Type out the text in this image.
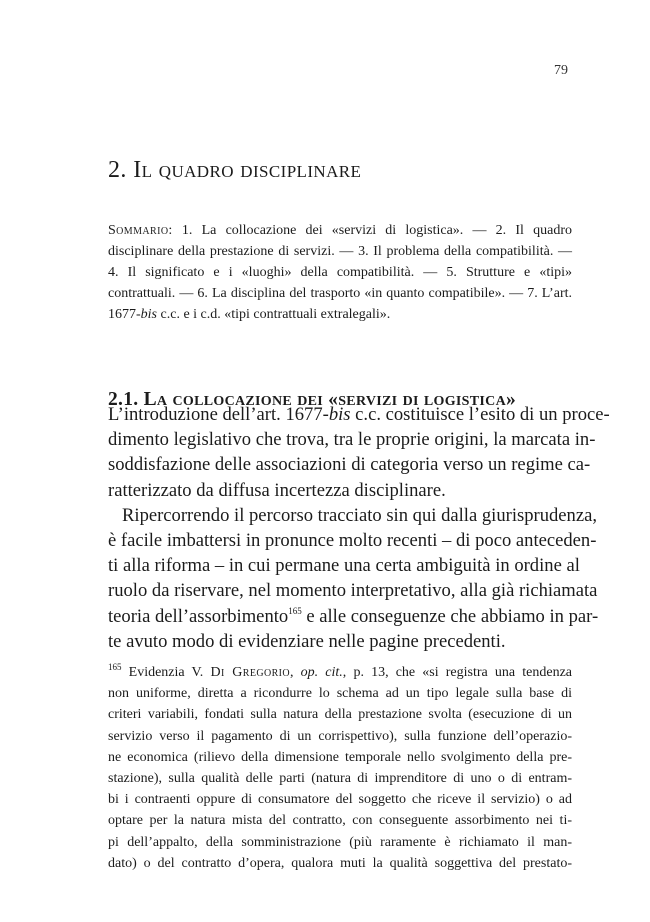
79
2. Il quadro disciplinare
Sommario: 1. La collocazione dei «servizi di logistica». — 2. Il quadro disciplinare della prestazione di servizi. — 3. Il problema della compatibilità. — 4. Il significato e i «luoghi» della compatibilità. — 5. Strutture e «tipi» contrattuali. — 6. La disciplina del trasporto «in quanto compatibile». — 7. L’art. 1677-bis c.c. e i c.d. «tipi contrattuali extralegali».
2.1. La collocazione dei «servizi di logistica»
L’introduzione dell’art. 1677-bis c.c. costituisce l’esito di un proce-
dimento legislativo che trova, tra le proprie origini, la marcata in-
soddisfazione delle associazioni di categoria verso un regime ca-
ratterizzato da diffusa incertezza disciplinare.
Ripercorrendo il percorso tracciato sin qui dalla giurisprudenza,
è facile imbattersi in pronunce molto recenti – di poco anteceden-
ti alla riforma – in cui permane una certa ambiguità in ordine al
ruolo da riservare, nel momento interpretativo, alla già richiamata
teoria dell’assorbimento$^{165}$ e alle conseguenze che abbiamo in par-
te avuto modo di evidenziare nelle pagine precedenti.
$^{165}$ Evidenzia V. Di Gregorio, op. cit., p. 13, che «si registra una tendenza
non uniforme, diretta a ricondurre lo schema ad un tipo legale sulla base di
criteri variabili, fondati sulla natura della prestazione svolta (esecuzione di un
servizio verso il pagamento di un corrispettivo), sulla funzione dell’operazio-
ne economica (rilievo della dimensione temporale nello svolgimento della pre-
stazione), sulla qualità delle parti (natura di imprenditore di uno o di entram-
bi i contraenti oppure di consumatore del soggetto che riceve il servizio) o ad
optare per la natura mista del contratto, con conseguente assorbimento nei ti-
pi dell’appalto, della somministrazione (più raramente è richiamato il man-
dato) o del contratto d’opera, qualora muti la qualità soggettiva del prestato-
